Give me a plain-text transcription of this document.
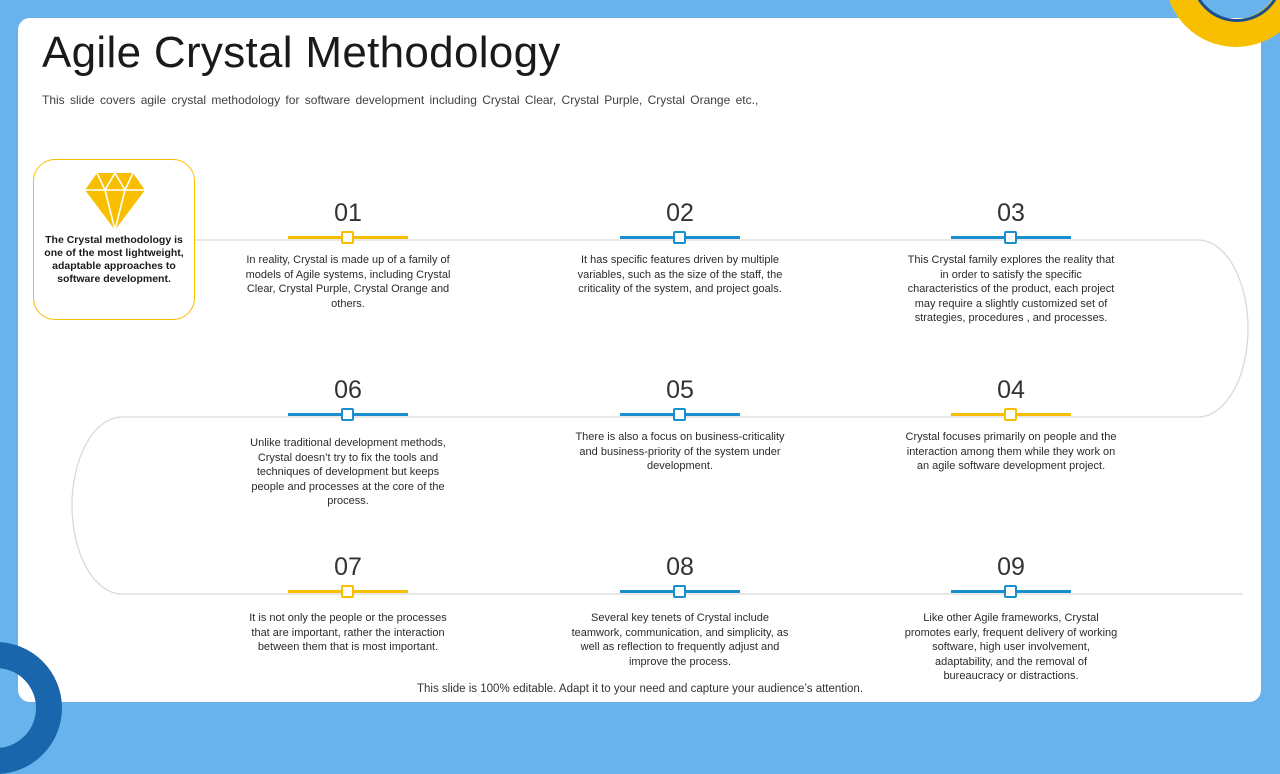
Agile Crystal Methodology

This slide covers agile crystal methodology for software development including Crystal Clear, Crystal Purple, Crystal Orange etc.,

The Crystal methodology is one of the most lightweight, adaptable approaches to software development.

01
In reality, Crystal is made up of a family of models of Agile systems, including Crystal Clear, Crystal Purple, Crystal Orange and others.
02
It has specific features driven by multiple variables, such as the size of the staff, the criticality of the system, and project goals.
03
This Crystal family explores the reality that in order to satisfy the specific characteristics of the product, each project may require a slightly customized set of strategies, procedures , and processes.
06
Unlike traditional development methods, Crystal doesn’t try to fix the tools and techniques of development but keeps people and processes at the core of the process.
05
There is also a focus on business-criticality and business-priority of the system under development.
04
Crystal focuses primarily on people and the interaction among them while they work on an agile software development project.
07
It is not only the people or the processes that are important, rather the interaction between them that is most important.
08
Several key tenets of Crystal include teamwork, communication, and simplicity, as well as reflection to frequently adjust and improve the process.
09
Like other Agile frameworks, Crystal promotes early, frequent delivery of working software, high user involvement, adaptability, and the removal of bureaucracy or distractions.

This slide is 100% editable. Adapt it to your need and capture your audience’s attention.
